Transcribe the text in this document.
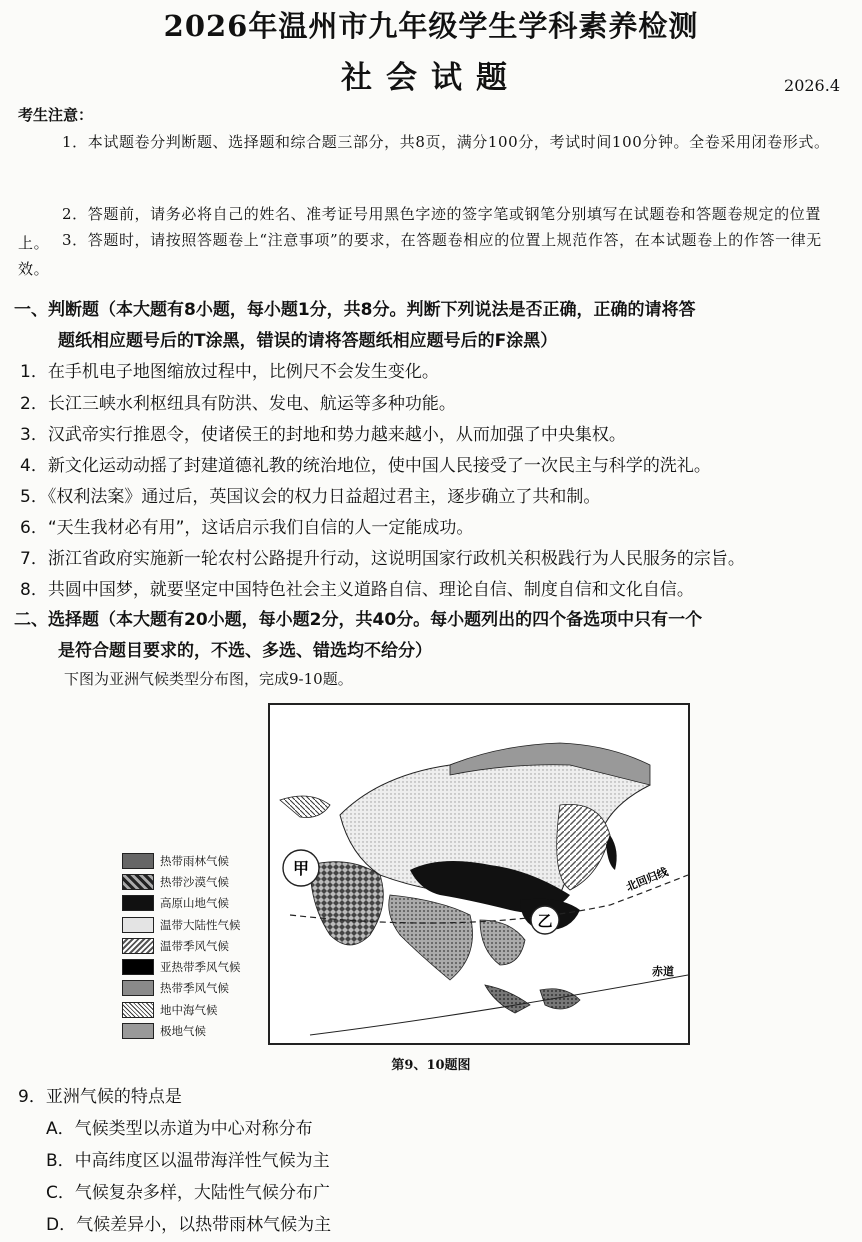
2026年温州市九年级学生学科素养检测
社会试题	2026.4
考生注意：
1．本试题卷分判断题、选择题和综合题三部分，共8页，满分100分，考试时间100分钟。全卷采用闭卷形式。
2．答题前，请务必将自己的姓名、准考证号用黑色字迹的签字笔或钢笔分别填写在试题卷和答题卷规定的位置上。 3．答题时，请按照答题卷上“注意事项”的要求，在答题卷相应的位置上规范作答，在本试题卷上的作答一律无效。
一、判断题（本大题有8小题，每小题1分，共8分。判断下列说法是否正确，正确的请将答
题纸相应题号后的T涂黑，错误的请将答题纸相应题号后的F涂黑）
1．在手机电子地图缩放过程中，比例尺不会发生变化。
2．长江三峡水利枢纽具有防洪、发电、航运等多种功能。
3．汉武帝实行推恩令，使诸侯王的封地和势力越来越小，从而加强了中央集权。
4．新文化运动动摇了封建道德礼教的统治地位，使中国人民接受了一次民主与科学的洗礼。
5．《权利法案》通过后，英国议会的权力日益超过君主，逐步确立了共和制。
6．“天生我材必有用”，这话启示我们自信的人一定能成功。
7．浙江省政府实施新一轮农村公路提升行动，这说明国家行政机关积极践行为人民服务的宗旨。
8．共圆中国梦，就要坚定中国特色社会主义道路自信、理论自信、制度自信和文化自信。
二、选择题（本大题有20小题，每小题2分，共40分。每小题列出的四个备选项中只有一个
是符合题目要求的，不选、多选、错选均不给分）
下图为亚洲气候类型分布图，完成9-10题。
甲
乙
北回归线
赤道
热带雨林气候
热带沙漠气候
高原山地气候
温带大陆性气候
温带季风气候
亚热带季风气候
热带季风气候
地中海气候
极地气候
第9、10题图
9．亚洲气候的特点是
A．气候类型以赤道为中心对称分布
B．中高纬度区以温带海洋性气候为主
C．气候复杂多样，大陆性气候分布广
D．气候差异小，以热带雨林气候为主
